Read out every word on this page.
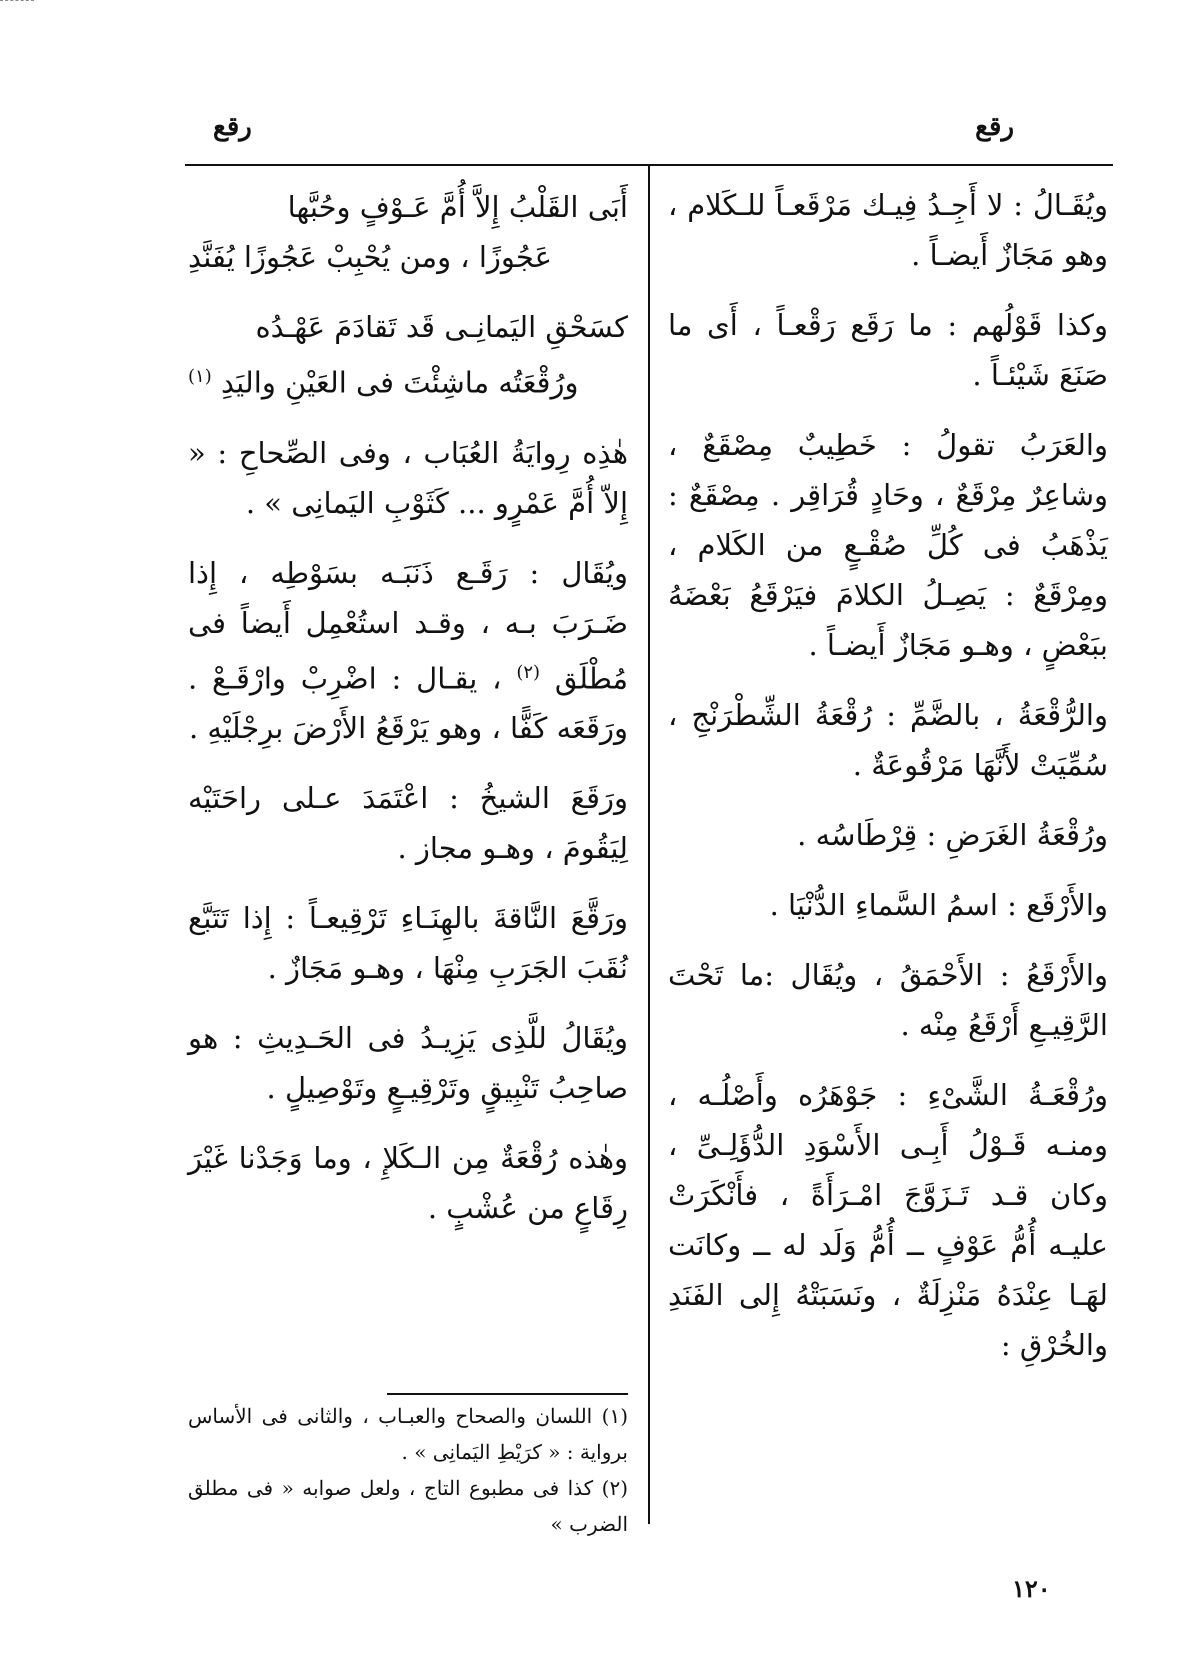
رقع
رقع
ويُقَـالُ : لا أَجِـدُ فِيـك مَرْقَعـاً للـكَلام ، وهو مَجَازٌ أَيضـاً .
وكذا قَوْلُهم : ما رَقَع رَقْعـاً ، أَى ما صَنَعَ شَيْئـاً .
والعَرَبُ تقولُ : خَطِيبٌ مِصْقَعٌ ، وشاعِرٌ مِرْقَعٌ ، وحَادٍ قُرَاقِر . مِصْقَعٌ : يَذْهَبُ فى كُلِّ صُقْـعٍ من الكَلام ، ومِرْقَعٌ : يَصِـلُ الكلامَ فيَرْقَعُ بَعْضَهُ ببَعْضٍ ، وهـو مَجَازٌ أَيضـاً .
والرُّقْعَةُ ، بالضَّمِّ : رُقْعَةُ الشِّطْرَنْجِ ، سُمِّيَتْ لأَنَّهَا مَرْقُوعَةٌ .
ورُقْعَةُ الغَرَضِ : قِرْطَاسُه .
والأَرْقَع : اسمُ السَّماءِ الدُّنْيَا .
والأَرْقَعُ : الأَحْمَقُ ، ويُقَال :ما تَحْتَ الرَّقِيـعِ أَرْقَعُ مِنْه .
ورُقْعَـةُ الشَّىْءِ : جَوْهَرُه وأَصْلُـه ، ومنـه قَـوْلُ أَبِـى الأَسْوَدِ الدُّؤَلِـىِّ ، وكان قـد تَـزَوَّجَ امْـرَأَةً ، فأَنْكَرَتْ عليـه أُمُّ عَوْفٍ ــ أُمُّ وَلَد له ــ وكانَت لهَـا عِنْدَهُ مَنْزِلَةٌ ، ونَسَبَتْهُ إِلى الفَنَدِ والخُرْقِ :
أَبَى القَلْبُ إِلاَّ أُمَّ عَـوْفٍ وحُبَّها
عَجُوزًا ، ومن يُحْبِبْ عَجُوزًا يُفَنَّدِ
كسَحْقِ اليَمانِـى قَد تَقادَمَ عَهْـدُه
ورُقْعَتُه ماشِئْتَ فى العَيْنِ واليَدِ $^{(١)}$
هٰذِه رِوايَةُ العُبَاب ، وفى الصِّحاحِ : « إِلاّ أُمَّ عَمْرٍو ... كَثَوْبِ اليَمانِى » .
ويُقَال : رَقَـع ذَنَبَـه بسَوْطِه ، إِذا ضَـرَبَ بـه ، وقـد استُعْمِل أَيضاً فى مُطْلَق $^{(٢)}$ ، يقـال : اضْرِبْ وارْقَـعْ . ورَقَعَه كَفًّا ، وهو يَرْقَعُ الأَرْضَ برِجْلَيْهِ .
ورَقَعَ الشيخُ : اعْتَمَدَ عـلى راحَتَيْه لِيَقُومَ ، وهـو مجاز .
ورَقَّعَ النَّاقةَ بالهِنَـاءِ تَرْقِيعـاً : إِذا تَتَبَّع نُقَبَ الجَرَبِ مِنْهَا ، وهـو مَجَازٌ .
ويُقَالُ للَّذِى يَزِيـدُ فى الحَـدِيثِ : هو صاحِبُ تَنْبِيقٍ وتَرْقِيـعٍ وتَوْصِيلٍ .
وهٰذه رُقْعَةٌ مِن الـكَلإِ ، وما وَجَدْنا غَيْرَ رِقَاعٍ من عُشْبٍ .
(١) اللسان والصحاح والعبـاب ، والثانى فى الأساس برواية : « كرَيْطِ اليَمانِى » .
(٢) كذا فى مطبوع التاج ، ولعل صوابه « فى مطلق الضرب »
١٢٠
